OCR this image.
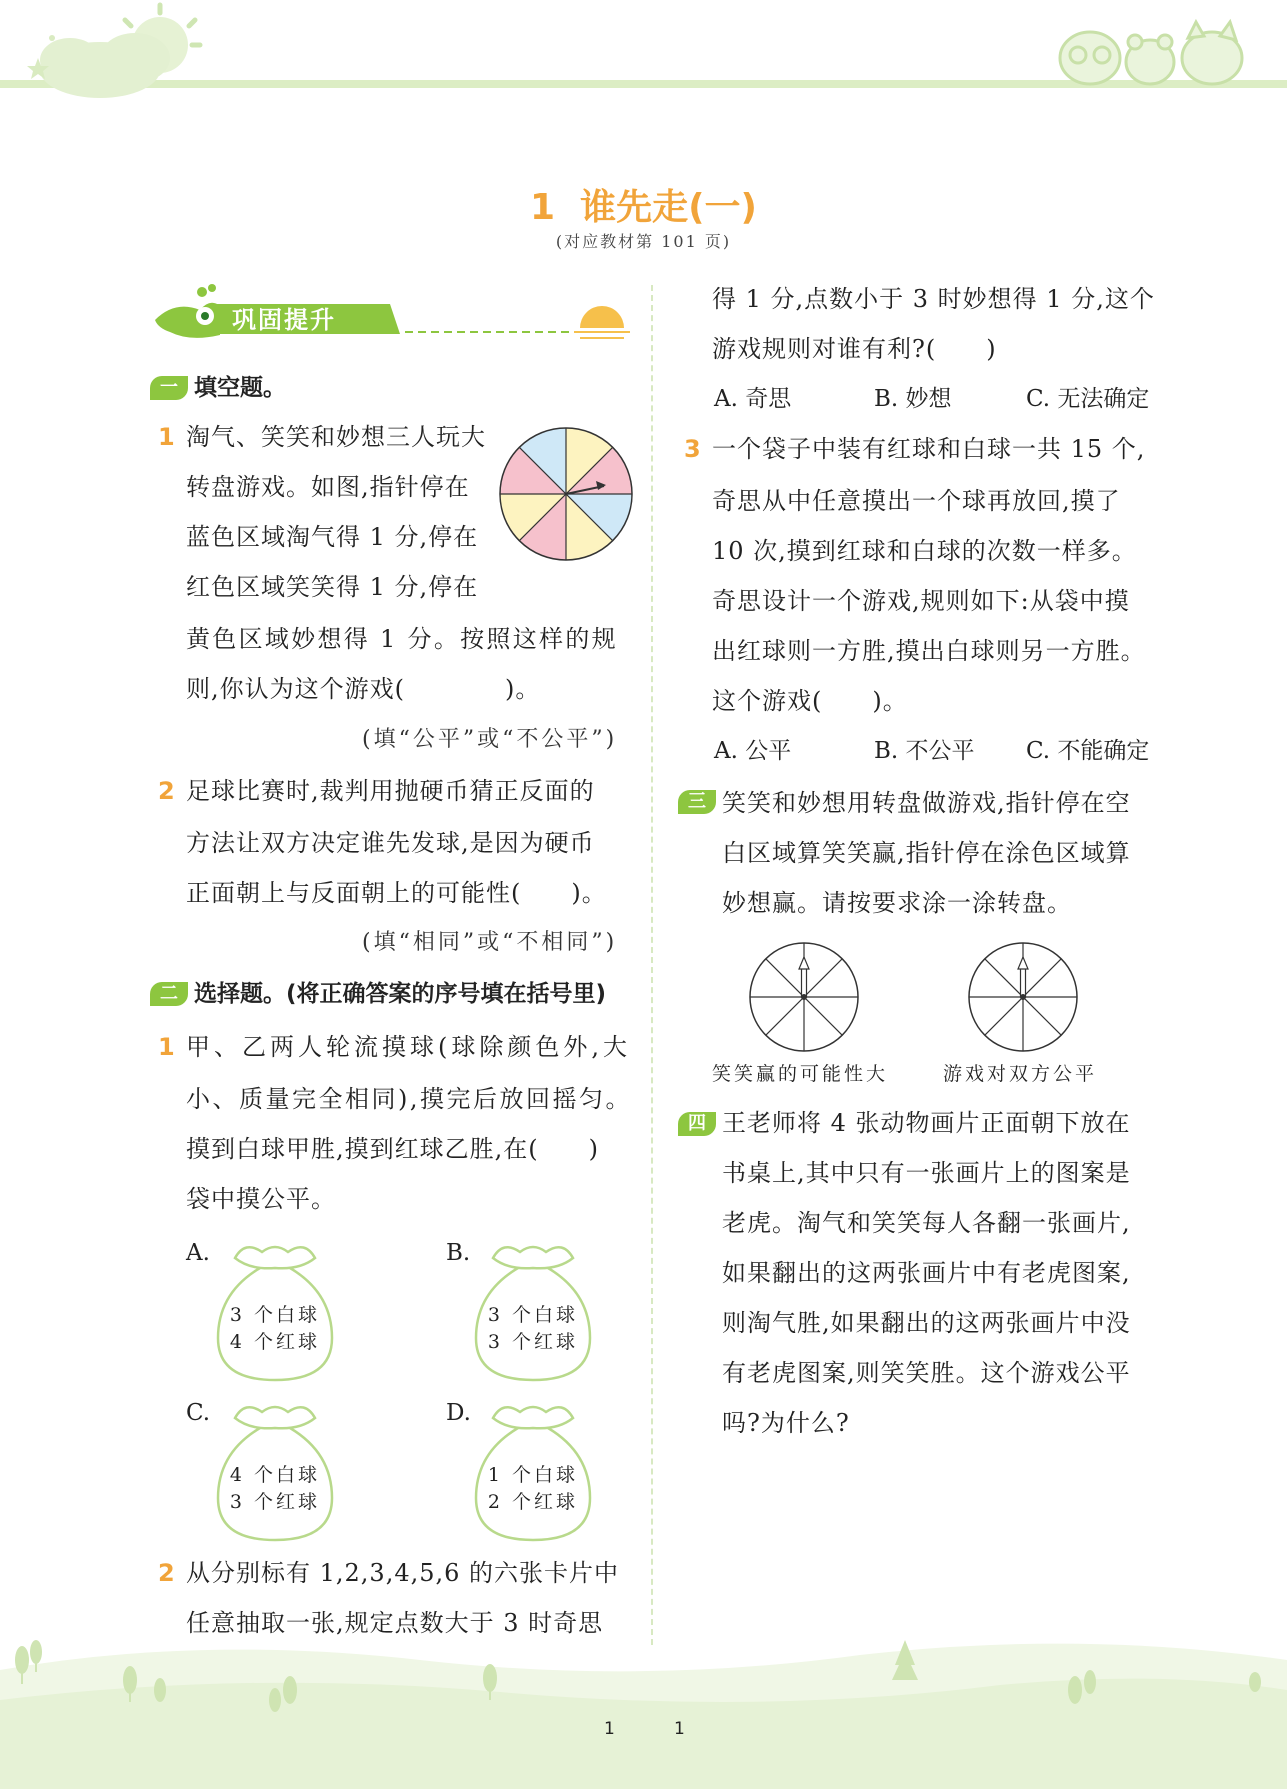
1  谁先走(一)
(对应教材第 101 页)
巩固提升
一 填空题。
1 淘气、笑笑和妙想三人玩大
转盘游戏。如图,指针停在
蓝色区域淘气得 1 分,停在
红色区域笑笑得 1 分,停在
黄色区域妙想得 1 分。按照这样的规
则,你认为这个游戏(　　　　)。
(填“公平”或“不公平”)
2 足球比赛时,裁判用抛硬币猜正反面的
方法让双方决定谁先发球,是因为硬币
正面朝上与反面朝上的可能性(　　)。
(填“相同”或“不相同”)
二 选择题。(将正确答案的序号填在括号里)
1 甲、乙两人轮流摸球(球除颜色外,大
小、质量完全相同),摸完后放回摇匀。
摸到白球甲胜,摸到红球乙胜,在(　　)
袋中摸公平。
A.
3 个白球
4 个红球
B.
3 个白球
3 个红球
C.
4 个白球
3 个红球
D.
1 个白球
2 个红球
2 从分别标有 1,2,3,4,5,6 的六张卡片中
任意抽取一张,规定点数大于 3 时奇思
得 1 分,点数小于 3 时妙想得 1 分,这个
游戏规则对谁有利?(　　)
A. 奇思	B. 妙想	C. 无法确定
3 一个袋子中装有红球和白球一共 15 个,
奇思从中任意摸出一个球再放回,摸了
10 次,摸到红球和白球的次数一样多。
奇思设计一个游戏,规则如下:从袋中摸
出红球则一方胜,摸出白球则另一方胜。
这个游戏(　　)。
A. 公平	B. 不公平 C. 不能确定
三 笑笑和妙想用转盘做游戏,指针停在空
白区域算笑笑赢,指针停在涂色区域算
妙想赢。请按要求涂一涂转盘。
笑笑赢的可能性大	游戏对双方公平
四 王老师将 4 张动物画片正面朝下放在
书桌上,其中只有一张画片上的图案是
老虎。淘气和笑笑每人各翻一张画片,
如果翻出的这两张画片中有老虎图案,
则淘气胜,如果翻出的这两张画片中没
有老虎图案,则笑笑胜。这个游戏公平
吗?为什么?
1	1
